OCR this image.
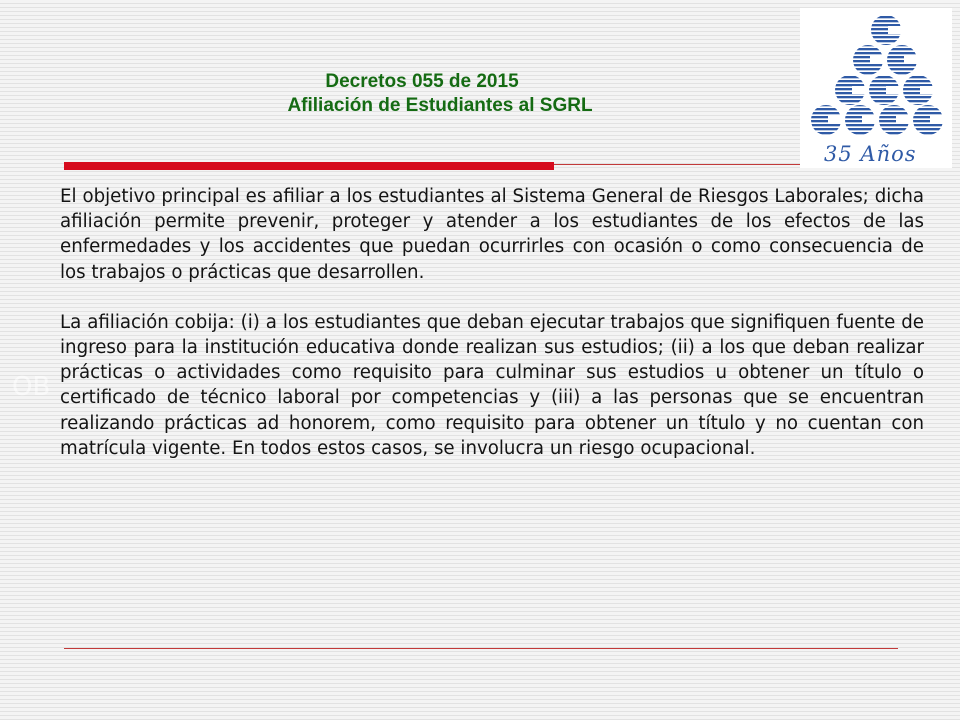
Decretos 055 de 2015
Afiliación de Estudiantes al SGRL
35 Años
OB

El objetivo principal es afiliar a los estudiantes al Sistema General de Riesgos Laborales; dicha afiliación permite prevenir, proteger y atender a los estudiantes de los efectos de las enfermedades y los accidentes que puedan ocurrirles con ocasión o como consecuencia de los trabajos o prácticas que desarrollen.

La afiliación cobija: (i) a los estudiantes que deban ejecutar trabajos que signifiquen fuente de ingreso para la institución educativa donde realizan sus estudios; (ii) a los que deban realizar prácticas o actividades como requisito para culminar sus estudios u obtener un título o certificado de técnico laboral por competencias y (iii) a las personas que se encuentran realizando prácticas ad honorem, como requisito para obtener un título y no cuentan con matrícula vigente. En todos estos casos, se involucra un riesgo ocupacional.
